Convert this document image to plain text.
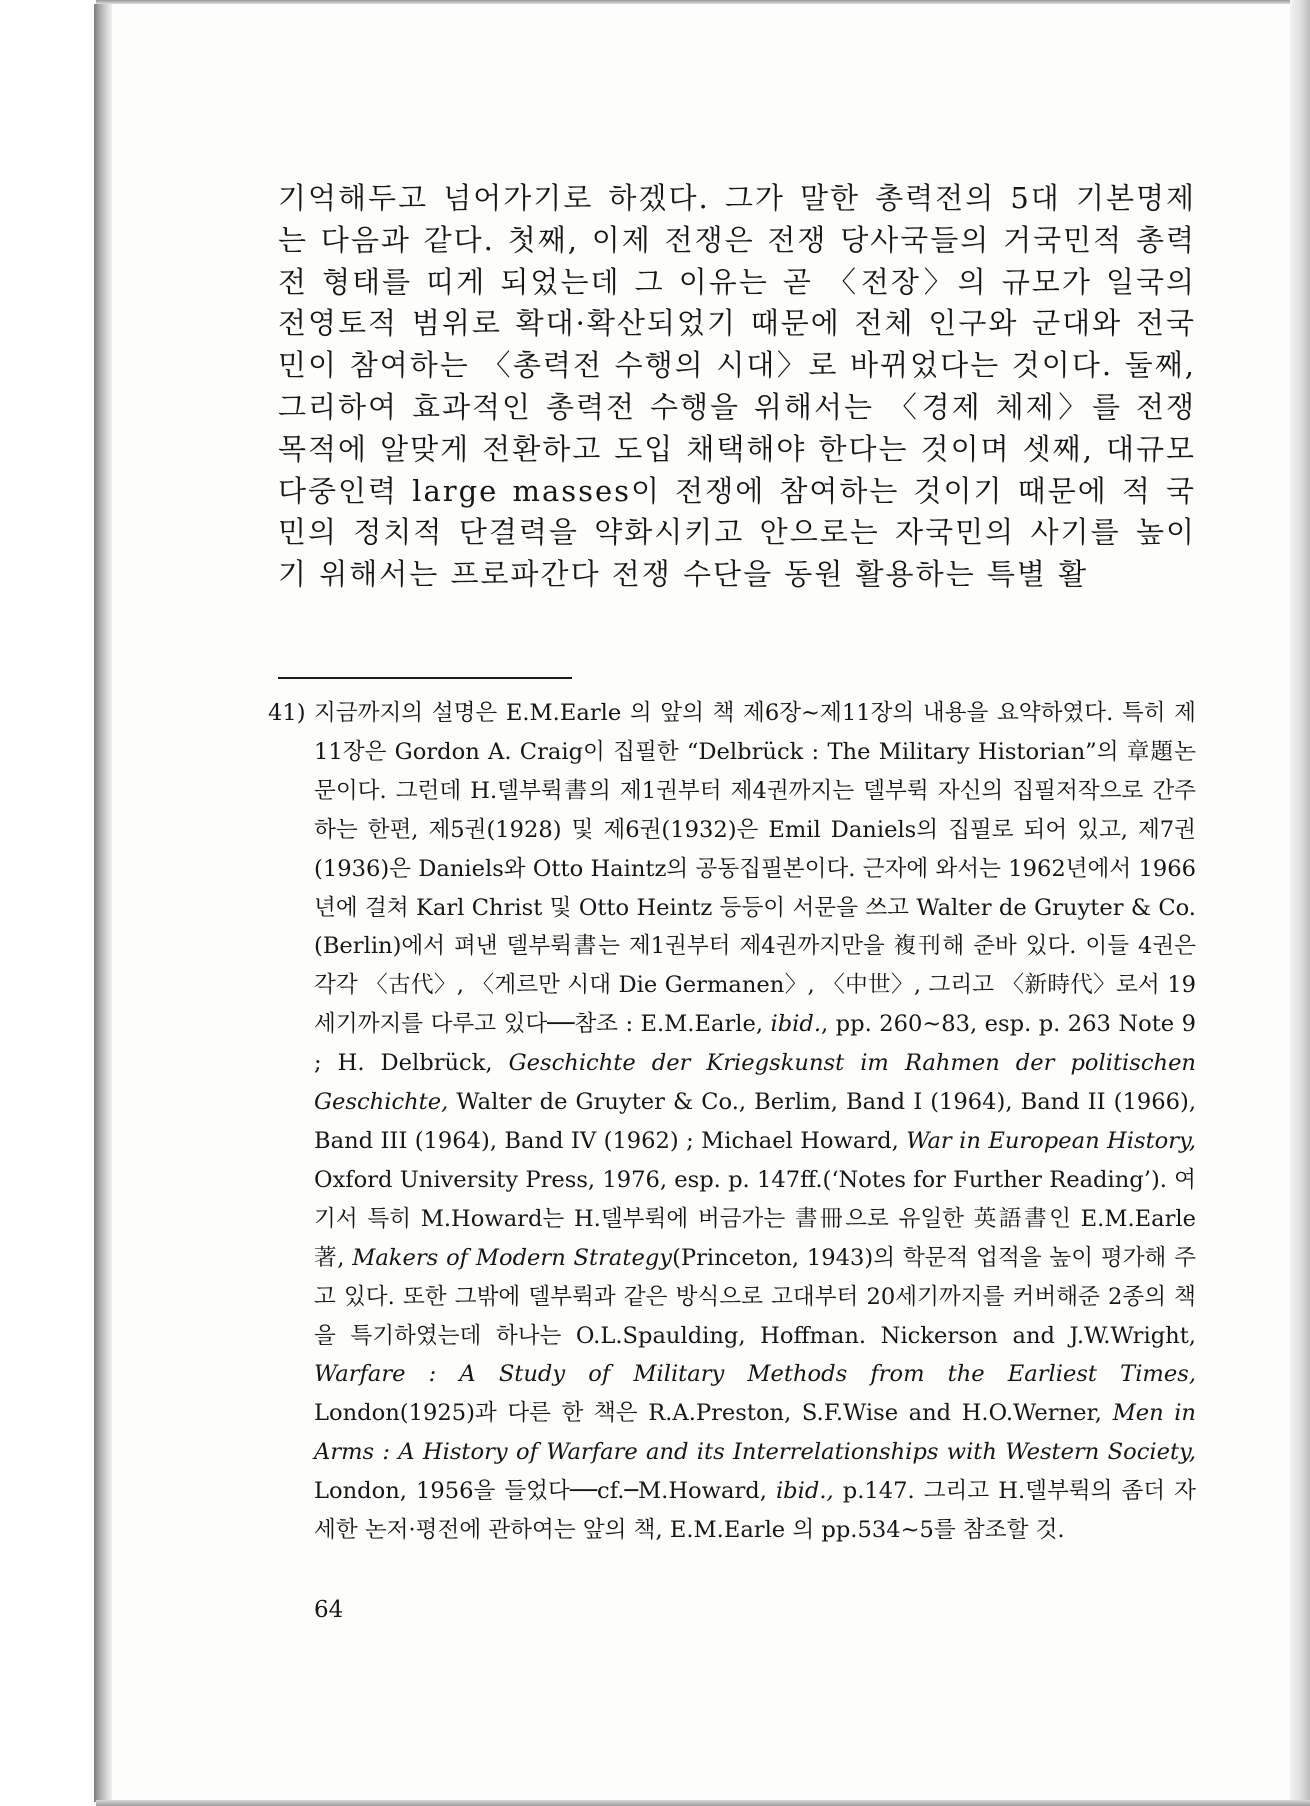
기억해두고 넘어가기로 하겠다. 그가 말한 총력전의 5대 기본명제는 다음과 같다. 첫째, 이제 전쟁은 전쟁 당사국들의 거국민적 총력전 형태를 띠게 되었는데 그 이유는 곧 〈전장〉의 규모가 일국의 전영토적 범위로 확대·확산되었기 때문에 전체 인구와 군대와 전국민이 참여하는 〈총력전 수행의 시대〉로 바뀌었다는 것이다. 둘째, 그리하여 효과적인 총력전 수행을 위해서는 〈경제 체제〉를 전쟁 목적에 알맞게 전환하고 도입 채택해야 한다는 것이며 셋째, 대규모 다중인력 large masses이 전쟁에 참여하는 것이기 때문에 적 국민의 정치적 단결력을 약화시키고 안으로는 자국민의 사기를 높이기 위해서는 프로파간다 전쟁 수단을 동원 활용하는 특별 활

41) 지금까지의 설명은 E.M.Earle 의 앞의 책 제6장~제11장의 내용을 요약하였다. 특히 제11장은 Gordon A. Craig이 집필한 “Delbrück : The Military Historian”의 章題논문이다. 그런데 H.델부뤽書의 제1권부터 제4권까지는 델부뤽 자신의 집필저작으로 간주하는 한편, 제5권(1928) 및 제6권(1932)은 Emil Daniels의 집필로 되어 있고, 제7권(1936)은 Daniels와 Otto Haintz의 공동집필본이다. 근자에 와서는 1962년에서 1966년에 걸쳐 Karl Christ 및 Otto Heintz 등등이 서문을 쓰고 Walter de Gruyter & Co.(Berlin)에서 펴낸 델부뤽書는 제1권부터 제4권까지만을 複刊해 준바 있다. 이들 4권은 각각 〈古代〉, 〈게르만 시대 Die Germanen〉, 〈中世〉, 그리고 〈新時代〉로서 19세기까지를 다루고 있다──참조 : E.M.Earle, ibid., pp. 260~83, esp. p. 263 Note 9 ; H. Delbrück, Geschichte der Kriegskunst im Rahmen der politischen Geschichte, Walter de Gruyter & Co., Berlim, Band I (1964), Band II (1966), Band III (1964), Band IV (1962) ; Michael Howard, War in European History, Oxford University Press, 1976, esp. p. 147ff.(‘Notes for Further Reading’). 여기서 특히 M.Howard는 H.델부뤽에 버금가는 書冊으로 유일한 英語書인 E.M.Earle 著, Makers of Modern Strategy(Princeton, 1943)의 학문적 업적을 높이 평가해 주고 있다. 또한 그밖에 델부뤽과 같은 방식으로 고대부터 20세기까지를 커버해준 2종의 책을 특기하였는데 하나는 O.L.Spaulding, Hoffman. Nickerson and J.W.Wright, Warfare : A Study of Military Methods from the Earliest Times, London(1925)과 다른 한 책은 R.A.Preston, S.F.Wise and H.O.Werner, Men in Arms : A History of Warfare and its Interrelationships with Western Society, London, 1956을 들었다──cf.─M.Howard, ibid., p.147. 그리고 H.델부뤽의 좀더 자세한 논저·평전에 관하여는 앞의 책, E.M.Earle 의 pp.534~5를 참조할 것.

64
